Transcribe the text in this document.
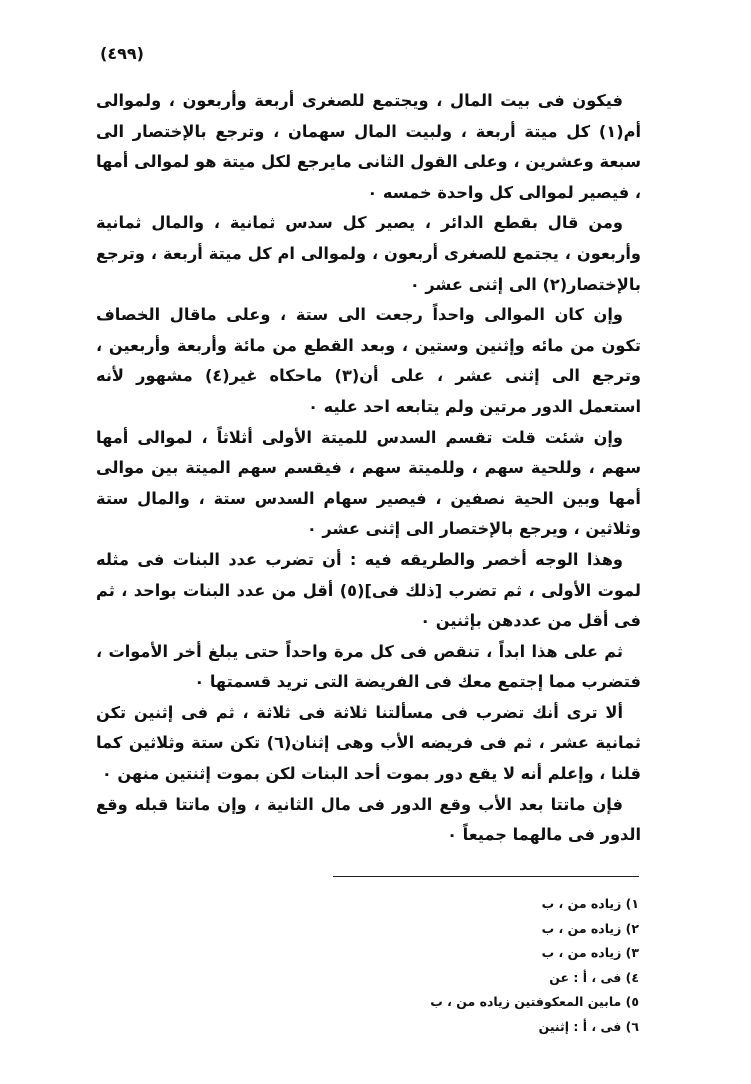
(٤٩٩)

فيكون فى بيت المال ، ويجتمع للصغرى أربعة وأربعون ، ولموالى أم(١) كل ميتة أربعة ، ولبيت المال سهمان ، وترجع بالإختصار الى سبعة وعشرين ، وعلى القول الثانى مايرجع لكل ميتة هو لموالى أمها ، فيصير لموالى كل واحدة خمسه ٠

ومن قال بقطع الدائر ، يصير كل سدس ثمانية ، والمال ثمانية وأربعون ، يجتمع للصغرى أربعون ، ولموالى ام كل ميتة أربعة ، وترجع بالإختصار(٢) الى إثنى عشر ٠

وإن كان الموالى واحداً رجعت الى ستة ، وعلى ماقال الخصاف تكون من مائه وإثنين وستين ، وبعد القطع من مائة وأربعة وأربعين ، وترجع الى إثنى عشر ، على أن(٣) ماحكاه غير(٤) مشهور لأنه استعمل الدور مرتين ولم يتابعه احد عليه ٠

وإن شئت قلت تقسم السدس للميتة الأولى أثلاثاً ، لموالى أمها سهم ، وللحية سهم ، وللميتة سهم ، فيقسم سهم الميتة بين موالى أمها وبين الحية نصفين ، فيصير سهام السدس ستة ، والمال ستة وثلاثين ، ويرجع بالإختصار الى إثنى عشر ٠

وهذا الوجه أخصر والطريقه فيه : أن تضرب عدد البنات فى مثله لموت الأولى ، ثم تضرب [ذلك فى](٥) أقل من عدد البنات بواحد ، ثم فى أقل من عددهن بإثنين ٠

ثم على هذا ابداً ، تنقص فى كل مرة واحداً حتى يبلغ أخر الأموات ، فتضرب مما إجتمع معك فى الفريضة التى تريد قسمتها ٠

ألا ترى أنك تضرب فى مسألتنا ثلاثة فى ثلاثة ، ثم فى إثنين تكن ثمانية عشر ، ثم فى فريضه الأب وهى إثنان(٦) تكن ستة وثلاثين كما قلنا ، وإعلم أنه لا يقع دور بموت أحد البنات لكن بموت إثنتين منهن ٠

فإن ماتتا بعد الأب وقع الدور فى مال الثانية ، وإن ماتتا قبله وقع الدور فى مالهما جميعاً ٠

١) زياده من ، ب
٢) زياده من ، ب
٣) زياده من ، ب
٤) فى ، أ : عن
٥) مابين المعكوفتين زياده من ، ب
٦) فى ، أ : إثنين
